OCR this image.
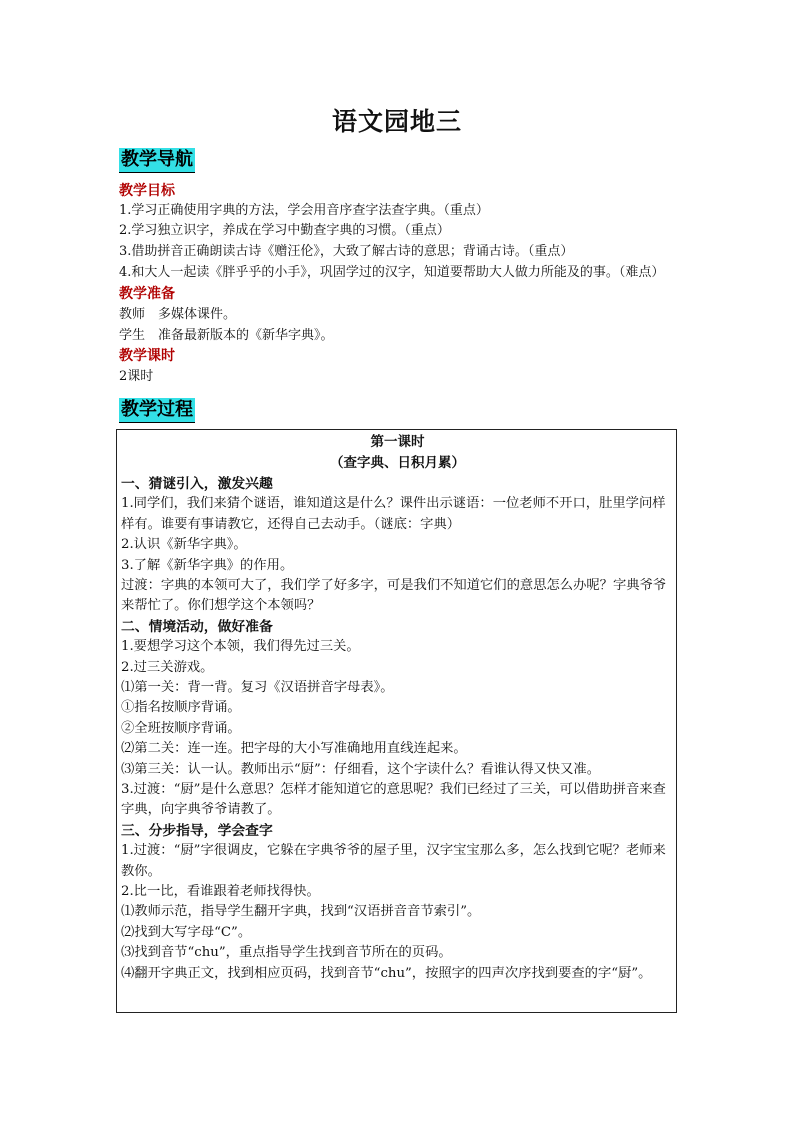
语文园地三
教学导航
教学目标
1.学习正确使用字典的方法，学会用音序查字法查字典。（重点）
2.学习独立识字，养成在学习中勤查字典的习惯。（重点）
3.借助拼音正确朗读古诗《赠汪伦》，大致了解古诗的意思；背诵古诗。（重点）
4.和大人一起读《胖乎乎的小手》，巩固学过的汉字，知道要帮助大人做力所能及的事。（难点）
教学准备
教师　多媒体课件。
学生　准备最新版本的《新华字典》。
教学课时
2课时
教学过程
第一课时
（查字典、日积月累）
一、猜谜引入，激发兴趣
1.同学们，我们来猜个谜语，谁知道这是什么？课件出示谜语：一位老师不开口，肚里学问样样有。谁要有事请教它，还得自己去动手。（谜底：字典）
2.认识《新华字典》。
3.了解《新华字典》的作用。
过渡：字典的本领可大了，我们学了好多字，可是我们不知道它们的意思怎么办呢？字典爷爷来帮忙了。你们想学这个本领吗？
二、情境活动，做好准备
1.要想学习这个本领，我们得先过三关。
2.过三关游戏。
⑴第一关：背一背。复习《汉语拼音字母表》。
①指名按顺序背诵。
②全班按顺序背诵。
⑵第二关：连一连。把字母的大小写准确地用直线连起来。
⑶第三关：认一认。教师出示“厨”：仔细看，这个字读什么？看谁认得又快又准。
3.过渡：“厨”是什么意思？怎样才能知道它的意思呢？我们已经过了三关，可以借助拼音来查字典，向字典爷爷请教了。
三、分步指导，学会查字
1.过渡：“厨”字很调皮，它躲在字典爷爷的屋子里，汉字宝宝那么多，怎么找到它呢？老师来教你。
2.比一比，看谁跟着老师找得快。
⑴教师示范，指导学生翻开字典，找到“汉语拼音音节索引”。
⑵找到大写字母“C”。
⑶找到音节“chu”，重点指导学生找到音节所在的页码。
⑷翻开字典正文，找到相应页码，找到音节“chu”，按照字的四声次序找到要查的字“厨”。
